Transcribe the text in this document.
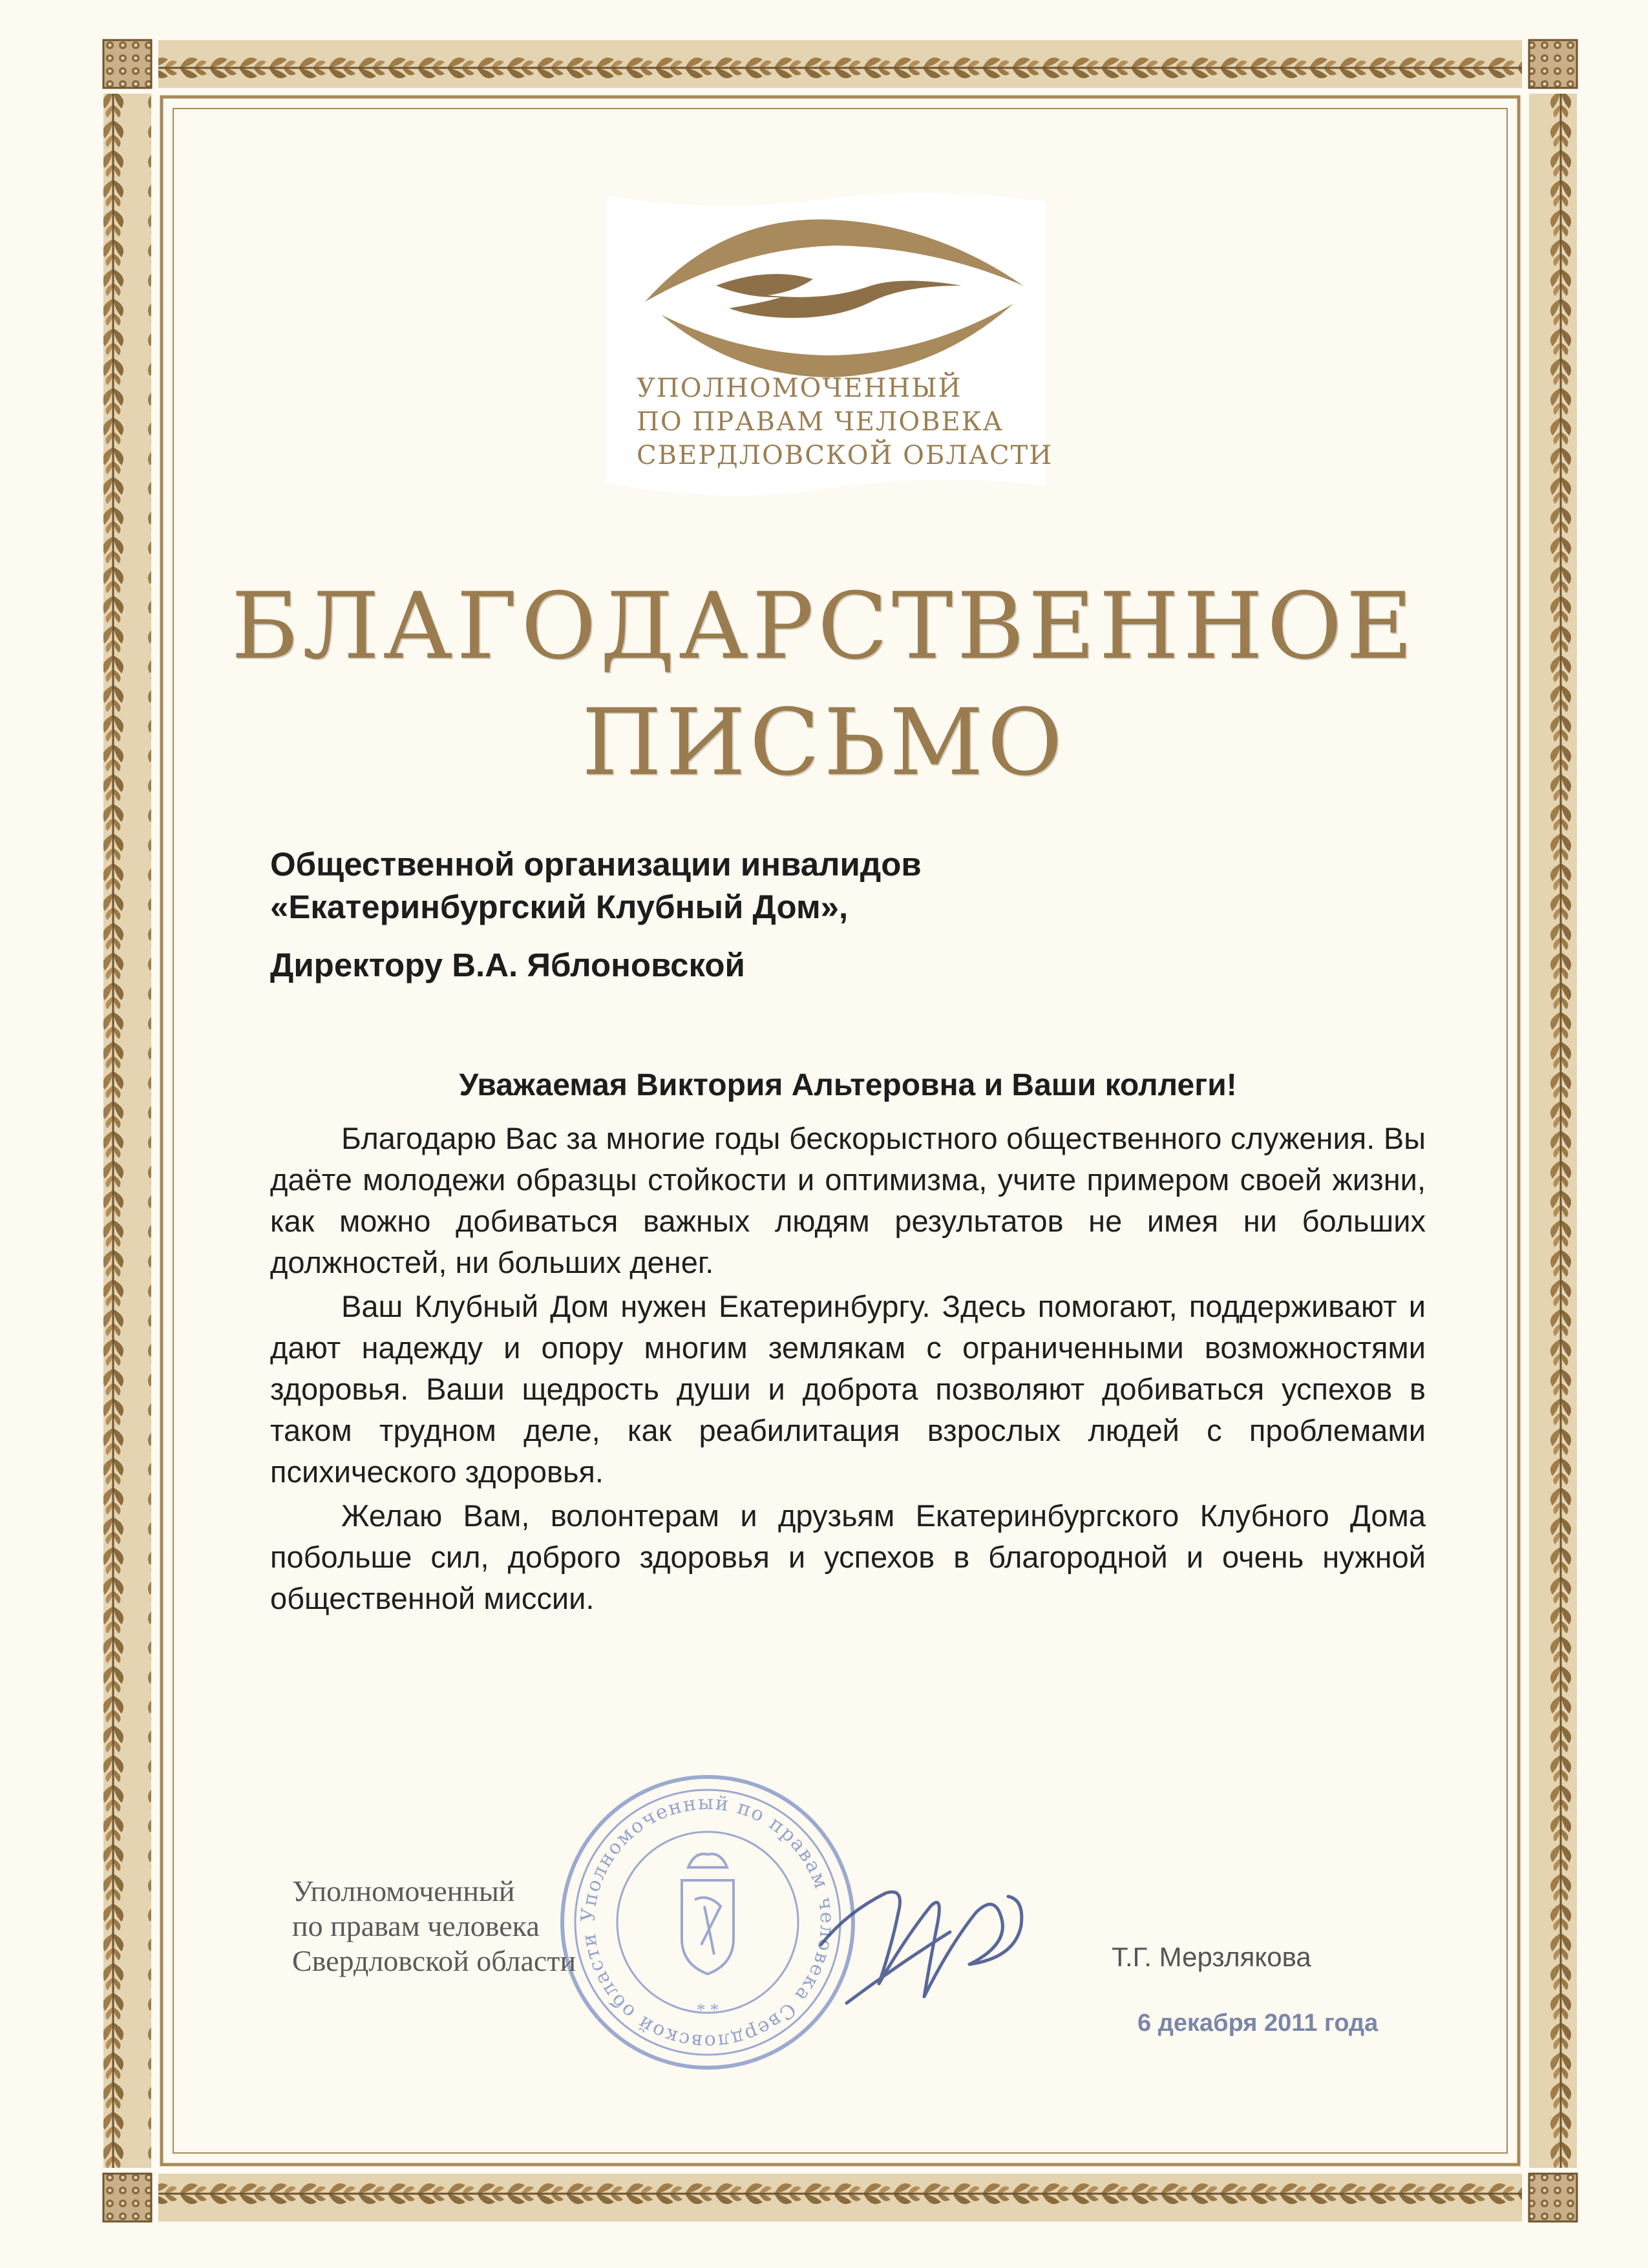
УПОЛНОМОЧЕННЫЙ
ПО ПРАВАМ ЧЕЛОВЕКА
СВЕРДЛОВСКОЙ ОБЛАСТИ
БЛАГОДАРСТВЕННОЕ
ПИСЬМО
Общественной организации инвалидов
«Екатеринбургский Клубный Дом»,
Директору В.А. Яблоновской
Уважаемая Виктория Альтеровна и Ваши коллеги!

Благодарю Вас за многие годы бескорыстного общественного служения. Вы даёте молодежи образцы стойкости и оптимизма, учите примером своей жизни, как можно добиваться важных людям результатов не имея ни больших должностей, ни больших денег.

Ваш Клубный Дом нужен Екатеринбургу. Здесь помогают, поддерживают и дают надежду и опору многим землякам с ограниченными возможностями здоровья. Ваши щедрость души и доброта позволяют добиваться успехов в таком трудном деле, как реабилитация взрослых людей с проблемами психического здоровья.

Желаю Вам, волонтерам и друзьям Екатеринбургского Клубного Дома побольше сил, доброго здоровья и успехов в благородной и очень нужной общественной миссии.

Уполномоченный по правам человека Свердловской области
* *
Уполномоченный
по правам человека
Свердловской области	Т.Г. Мерзлякова
6 декабря 2011 года
